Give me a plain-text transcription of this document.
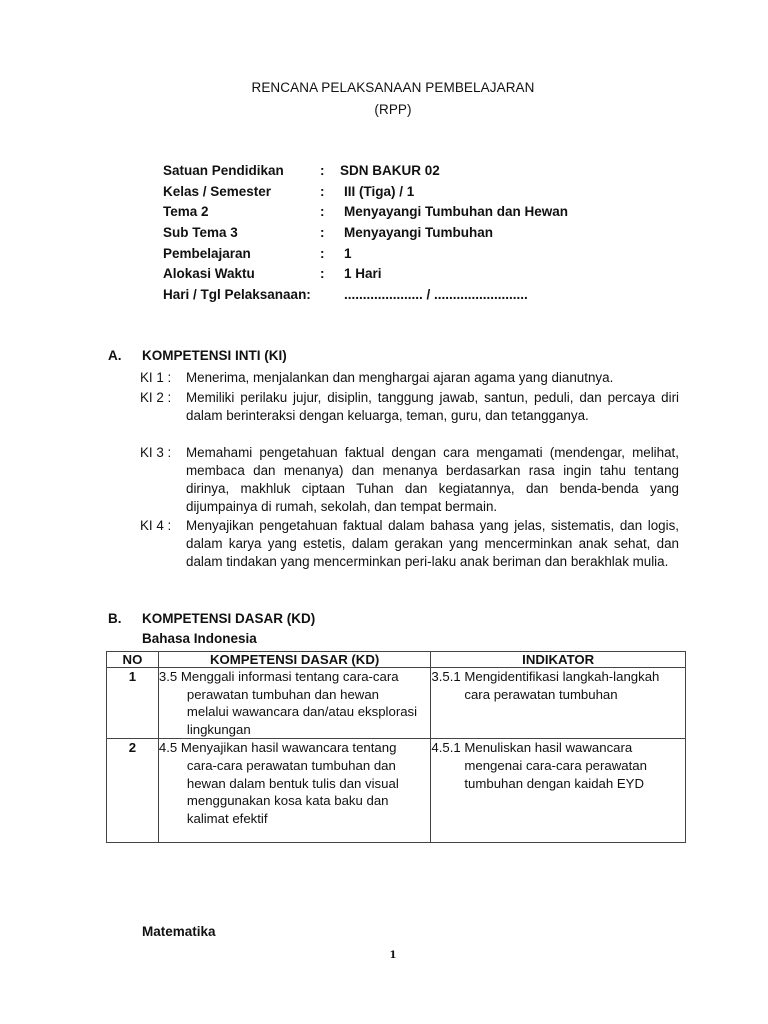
RENCANA PELAKSANAAN PEMBELAJARAN
(RPP)
Satuan Pendidikan	: SDN BAKUR 02
Kelas / Semester	: III (Tiga) / 1
Tema 2	: Menyayangi Tumbuhan dan Hewan
Sub Tema 3	: Menyayangi Tumbuhan
Pembelajaran	: 1
Alokasi Waktu	: 1 Hari
Hari / Tgl Pelaksanaan: ..................... / .........................
A. KOMPETENSI INTI (KI)
KI 1 : Menerima, menjalankan dan menghargai ajaran agama yang dianutnya.
KI 2 : Memiliki perilaku jujur, disiplin, tanggung jawab, santun, peduli, dan percaya diri dalam berinteraksi dengan keluarga, teman, guru, dan tetangganya.
KI 3 : Memahami pengetahuan faktual dengan cara mengamati (mendengar, melihat, membaca dan menanya) dan menanya berdasarkan rasa ingin tahu tentang dirinya, makhluk ciptaan Tuhan dan kegiatannya, dan benda-benda yang dijumpainya di rumah, sekolah, dan tempat bermain.
KI 4 : Menyajikan pengetahuan faktual dalam bahasa yang jelas, sistematis, dan logis, dalam karya yang estetis, dalam gerakan yang mencerminkan anak sehat, dan dalam tindakan yang mencerminkan peri-laku anak beriman dan berakhlak mulia.
B. KOMPETENSI DASAR (KD)
Bahasa Indonesia
NO	KOMPETENSI DASAR (KD)	INDIKATOR
1	3.5 Menggali informasi tentang cara-cara perawatan tumbuhan dan hewan melalui wawancara dan/atau eksplorasi lingkungan	3.5.1 Mengidentifikasi langkah-langkah cara perawatan tumbuhan
2	4.5 Menyajikan hasil wawancara tentang cara-cara perawatan tumbuhan dan hewan dalam bentuk tulis dan visual menggunakan kosa kata baku dan kalimat efektif	4.5.1 Menuliskan hasil wawancara mengenai cara-cara perawatan tumbuhan dengan kaidah EYD
Matematika
1
